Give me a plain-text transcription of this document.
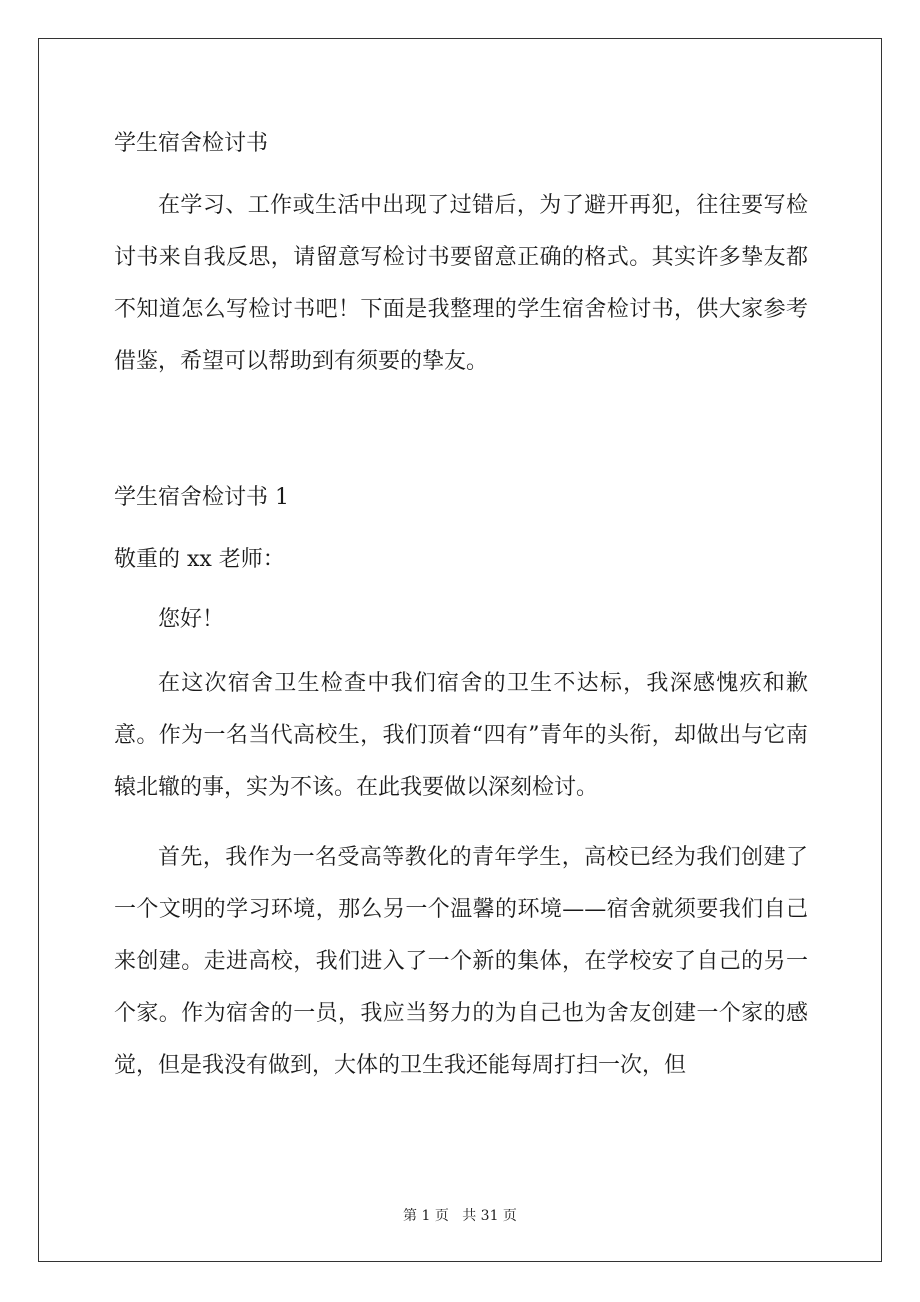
学生宿舍检讨书

在学习、工作或生活中出现了过错后，为了避开再犯，往往要写检讨书来自我反思，请留意写检讨书要留意正确的格式。其实许多挚友都不知道怎么写检讨书吧！下面是我整理的学生宿舍检讨书，供大家参考借鉴，希望可以帮助到有须要的挚友。

学生宿舍检讨书 1

敬重的 xx 老师：

您好！

在这次宿舍卫生检查中我们宿舍的卫生不达标，我深感愧疚和歉意。作为一名当代高校生，我们顶着“四有”青年的头衔，却做出与它南辕北辙的事，实为不该。在此我要做以深刻检讨。

首先，我作为一名受高等教化的青年学生，高校已经为我们创建了一个文明的学习环境，那么另一个温馨的环境——宿舍就须要我们自己来创建。走进高校，我们进入了一个新的集体，在学校安了自己的另一个家。作为宿舍的一员，我应当努力的为自己也为舍友创建一个家的感觉，但是我没有做到，大体的卫生我还能每周打扫一次，但

第 1 页 共 31 页
